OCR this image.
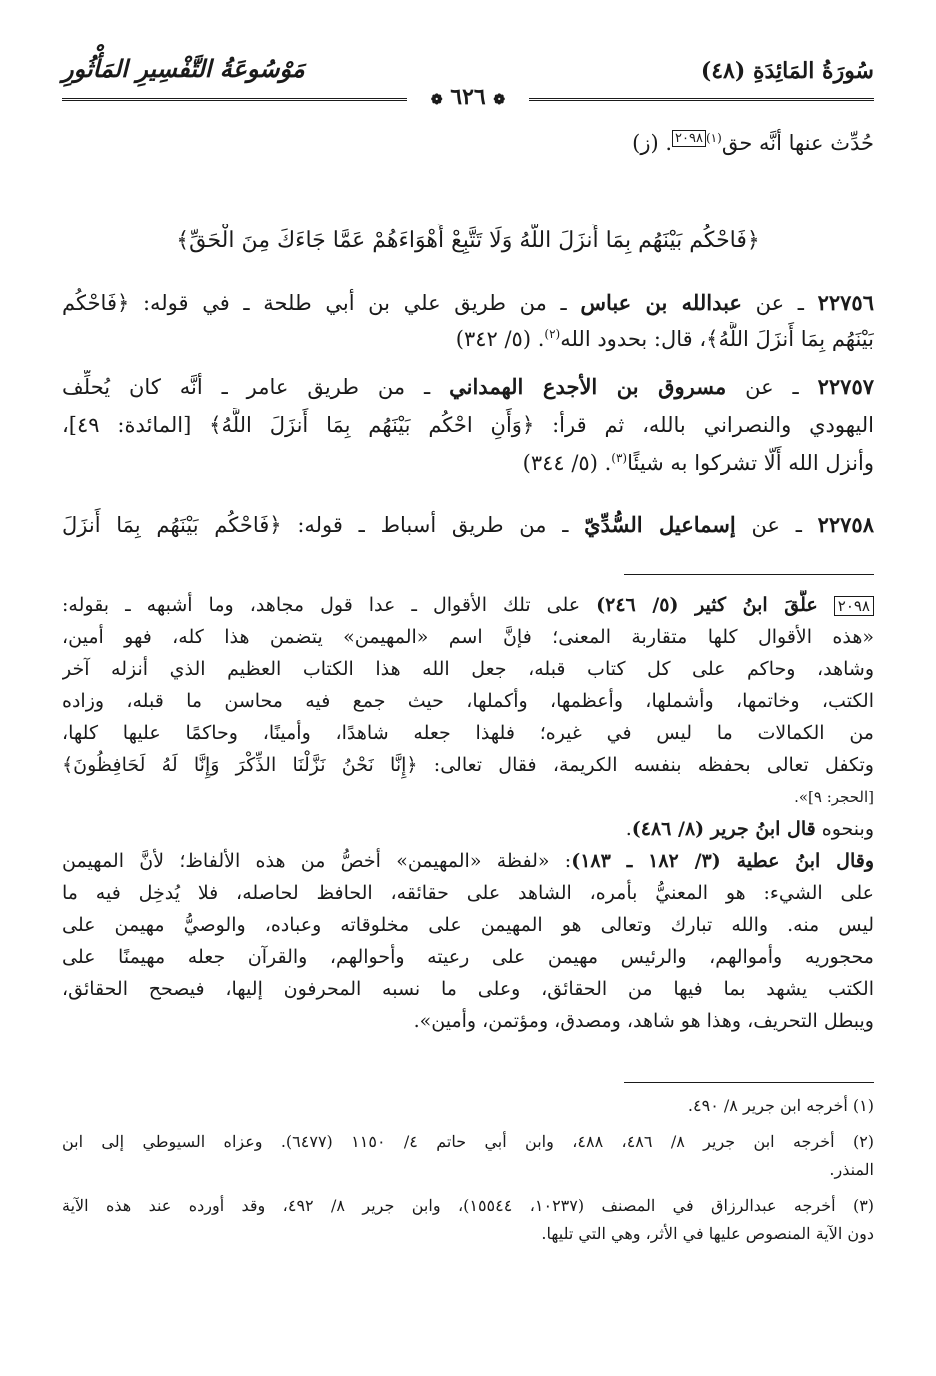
سُورَةُ المَائِدَةِ (٤٨)
مَوْسُوعَةُ التَّفْسِيرِ المَأْثُورِ
❁ ٦٢٦ ❁
حُدِّث عنها أنَّه حق$^{(١)٢٠٩٨}$. (ز)
﴿فَاحْكُم بَيْنَهُم بِمَا أَنزَلَ اللَّهُ وَلَا تَتَّبِعْ أَهْوَاءَهُمْ عَمَّا جَاءَكَ مِنَ الْحَقِّ﴾
٢٢٧٥٦ ـ عن عبدالله بن عباس ـ من طريق علي بن أبي طلحة ـ في قوله: ﴿فَاحْكُم
بَيْنَهُم بِمَا أَنزَلَ اللَّهُ﴾، قال: بحدود الله$^{(٢)}$. (٥/ ٣٤٢)
٢٢٧٥٧ ـ عن مسروق بن الأجدع الهمداني ـ من طريق عامر ـ أنَّه كان يُحلِّف
اليهودي والنصراني بالله، ثم قرأ: ﴿وَأَنِ احْكُم بَيْنَهُم بِمَا أَنزَلَ اللَّهُ﴾ [المائدة: ٤٩]،
وأنزل الله أَلّا تشركوا به شيئًا$^{(٣)}$. (٥/ ٣٤٤)
٢٢٧٥٨ ـ عن إسماعيل السُّدِّيّ ـ من طريق أسباط ـ قوله: ﴿فَاحْكُم بَيْنَهُم بِمَا أَنزَلَ
٢٠٩٨ علَّقَ ابنُ كثير (٥/ ٢٤٦) على تلك الأقوال ـ عدا قول مجاهد، وما أشبهه ـ بقوله:
«هذه الأقوال كلها متقاربة المعنى؛ فإنَّ اسم «المهيمن» يتضمن هذا كله، فهو أمين،
وشاهد، وحاكم على كل كتاب قبله، جعل الله هذا الكتاب العظيم الذي أنزله آخر
الكتب، وخاتمها، وأشملها، وأعظمها، وأكملها، حيث جمع فيه محاسن ما قبله، وزاده
من الكمالات ما ليس في غيره؛ فلهذا جعله شاهدًا، وأمينًا، وحاكمًا عليها كلها،
وتكفل تعالى بحفظه بنفسه الكريمة، فقال تعالى: ﴿إِنَّا نَحْنُ نَزَّلْنَا الذِّكْرَ وَإِنَّا لَهُ لَحَافِظُونَ﴾
[الحجر: ٩]».
وبنحوه قال ابنُ جرير (٨/ ٤٨٦).
وقال ابنُ عطية (٣/ ١٨٢ ـ ١٨٣): «لفظة «المهيمن» أخصُّ من هذه الألفاظ؛ لأنَّ المهيمن
على الشيء: هو المعنيُّ بأمره، الشاهد على حقائقه، الحافظ لحاصله، فلا يُدخِل فيه ما
ليس منه. والله تبارك وتعالى هو المهيمن على مخلوقاته وعباده، والوصيُّ مهيمن على
محجوريه وأموالهم، والرئيس مهيمن على رعيته وأحوالهم، والقرآن جعله مهيمنًا على
الكتب يشهد بما فيها من الحقائق، وعلى ما نسبه المحرفون إليها، فيصحح الحقائق،
ويبطل التحريف، وهذا هو شاهد، ومصدق، ومؤتمن، وأمين».
(١) أخرجه ابن جرير ٨/ ٤٩٠.
(٢) أخرجه ابن جرير ٨/ ٤٨٦، ٤٨٨، وابن أبي حاتم ٤/ ١١٥٠ (٦٤٧٧). وعزاه السيوطي إلى ابن
المنذر.
(٣) أخرجه عبدالرزاق في المصنف (١٠٢٣٧، ١٥٥٤٤)، وابن جرير ٨/ ٤٩٢، وقد أورده عند هذه الآية
دون الآية المنصوص عليها في الأثر، وهي التي تليها.
